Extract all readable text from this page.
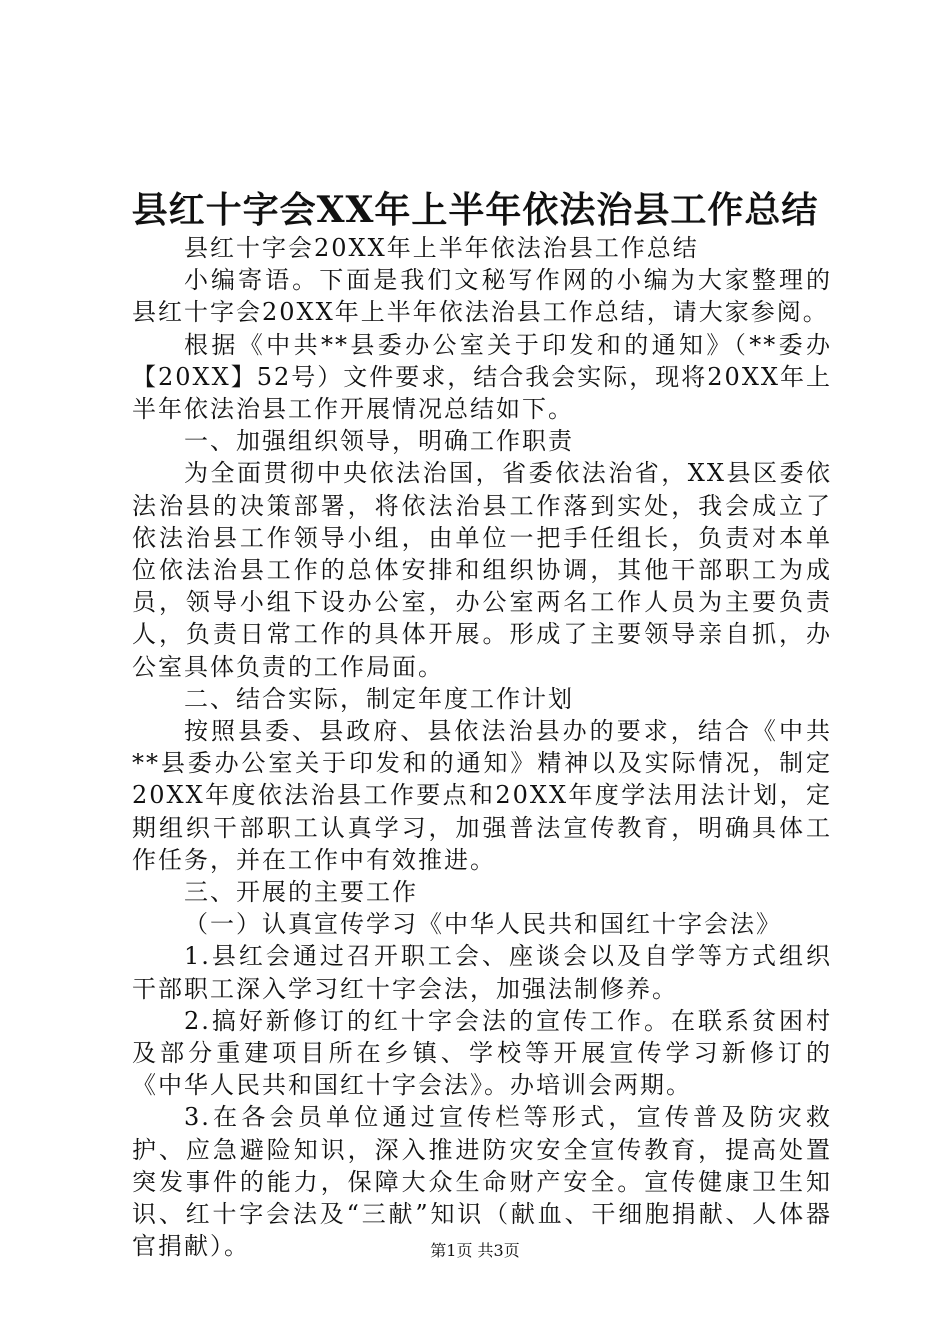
县红十字会XX年上半年依法治县工作总结

县红十字会20XX年上半年依法治县工作总结

小编寄语。下面是我们文秘写作网的小编为大家整理的县红十字会20XX年上半年依法治县工作总结，请大家参阅。

根据《中共**县委办公室关于印发和的通知》（**委办【20XX】52号）文件要求，结合我会实际，现将20XX年上半年依法治县工作开展情况总结如下。

一、加强组织领导，明确工作职责

为全面贯彻中央依法治国，省委依法治省，XX县区委依法治县的决策部署，将依法治县工作落到实处，我会成立了依法治县工作领导小组，由单位一把手任组长，负责对本单位依法治县工作的总体安排和组织协调，其他干部职工为成员，领导小组下设办公室，办公室两名工作人员为主要负责人，负责日常工作的具体开展。形成了主要领导亲自抓，办公室具体负责的工作局面。

二、结合实际，制定年度工作计划

按照县委、县政府、县依法治县办的要求，结合《中共**县委办公室关于印发和的通知》精神以及实际情况，制定20XX年度依法治县工作要点和20XX年度学法用法计划，定期组织干部职工认真学习，加强普法宣传教育，明确具体工作任务，并在工作中有效推进。

三、开展的主要工作

（一）认真宣传学习《中华人民共和国红十字会法》

1.县红会通过召开职工会、座谈会以及自学等方式组织干部职工深入学习红十字会法，加强法制修养。

2.搞好新修订的红十字会法的宣传工作。在联系贫困村及部分重建项目所在乡镇、学校等开展宣传学习新修订的《中华人民共和国红十字会法》。办培训会两期。

3.在各会员单位通过宣传栏等形式，宣传普及防灾救护、应急避险知识，深入推进防灾安全宣传教育，提高处置突发事件的能力，保障大众生命财产安全。宣传健康卫生知识、红十字会法及“三献”知识（献血、干细胞捐献、人体器官捐献）。	第1页 共3页
